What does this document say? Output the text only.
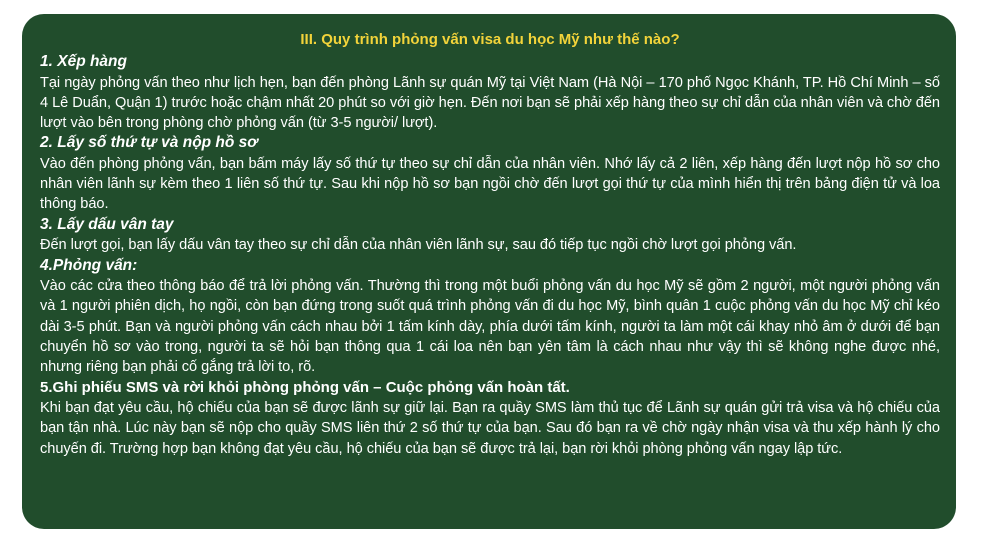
III. Quy trình phỏng vấn visa du học Mỹ như thế nào?
1. Xếp hàng

Tại ngày phỏng vấn theo như lịch hẹn, bạn đến phòng Lãnh sự quán Mỹ tại Việt Nam (Hà Nội – 170 phố Ngọc Khánh, TP. Hồ Chí Minh – số 4 Lê Duẩn, Quận 1) trước hoặc chậm nhất 20 phút so với giờ hẹn. Đến nơi bạn sẽ phải xếp hàng theo sự chỉ dẫn của nhân viên và chờ đến lượt vào bên trong phòng chờ phỏng vấn (từ 3-5 người/ lượt).

2. Lấy số thứ tự và nộp hồ sơ

Vào đến phòng phỏng vấn, bạn bấm máy lấy số thứ tự theo sự chỉ dẫn của nhân viên. Nhớ lấy cả 2 liên, xếp hàng đến lượt nộp hồ sơ cho nhân viên lãnh sự kèm theo 1 liên số thứ tự. Sau khi nộp hồ sơ bạn ngồi chờ đến lượt gọi thứ tự của mình hiển thị trên bảng điện tử và loa thông báo.

3. Lấy dấu vân tay

Đến lượt gọi, bạn lấy dấu vân tay theo sự chỉ dẫn của nhân viên lãnh sự, sau đó tiếp tục ngồi chờ lượt gọi phỏng vấn.

4.Phỏng vấn:

Vào các cửa theo thông báo để trả lời phỏng vấn. Thường thì trong một buổi phỏng vấn du học Mỹ sẽ gồm 2 người, một người phỏng vấn và 1 người phiên dịch, họ ngồi, còn bạn đứng trong suốt quá trình phỏng vấn đi du học Mỹ, bình quân 1 cuộc phỏng vấn du học Mỹ chỉ kéo dài 3-5 phút. Bạn và người phỏng vấn cách nhau bởi 1 tấm kính dày, phía dưới tấm kính, người ta làm một cái khay nhỏ âm ở dưới để bạn chuyển hồ sơ vào trong, người ta sẽ hỏi bạn thông qua 1 cái loa nên bạn yên tâm là cách nhau như vậy thì sẽ không nghe được nhé, nhưng riêng bạn phải cố gắng trả lời to, rõ.

5.Ghi phiếu SMS và rời khỏi phòng phỏng vấn – Cuộc phỏng vấn hoàn tất.

Khi bạn đạt yêu cầu, hộ chiếu của bạn sẽ được lãnh sự giữ lại. Bạn ra quầy SMS làm thủ tục để Lãnh sự quán gửi trả visa và hộ chiếu của bạn tận nhà. Lúc này bạn sẽ nộp cho quầy SMS liên thứ 2 số thứ tự của bạn. Sau đó bạn ra về chờ ngày nhận visa và thu xếp hành lý cho chuyến đi. Trường hợp bạn không đạt yêu cầu, hộ chiếu của bạn sẽ được trả lại, bạn rời khỏi phòng phỏng vấn ngay lập tức.
